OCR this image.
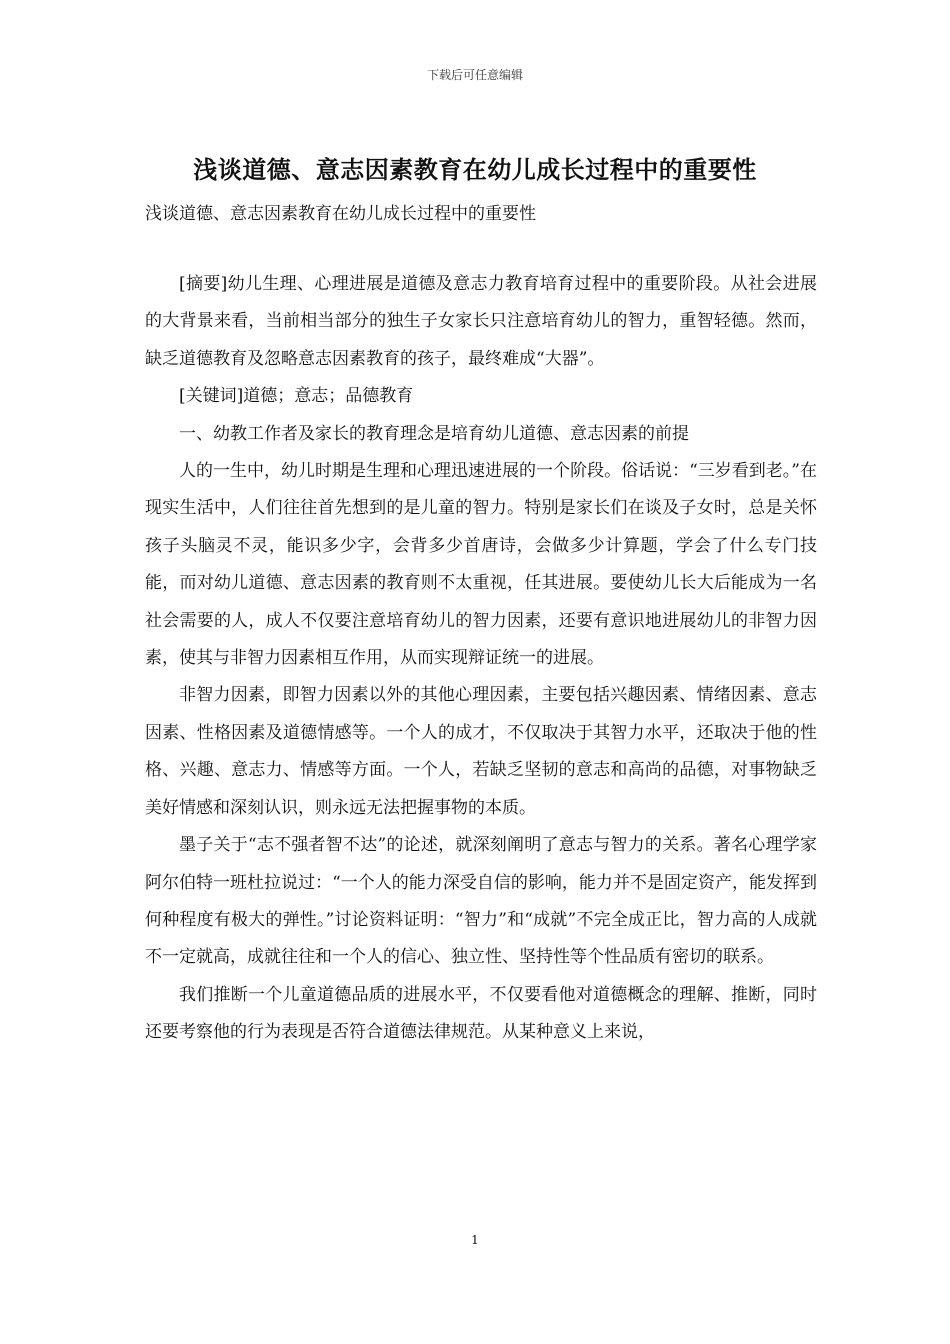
下载后可任意编辑
浅谈道德、意志因素教育在幼儿成长过程中的重要性
浅谈道德、意志因素教育在幼儿成长过程中的重要性

[摘要]幼儿生理、心理进展是道德及意志力教育培育过程中的重要阶段。从社会进展的大背景来看，当前相当部分的独生子女家长只注意培育幼儿的智力，重智轻德。然而，缺乏道德教育及忽略意志因素教育的孩子，最终难成“大器”。

[关键词]道德；意志；品德教育

一、幼教工作者及家长的教育理念是培育幼儿道德、意志因素的前提

人的一生中，幼儿时期是生理和心理迅速进展的一个阶段。俗话说：“三岁看到老。”在现实生活中，人们往往首先想到的是儿童的智力。特别是家长们在谈及子女时，总是关怀孩子头脑灵不灵，能识多少字，会背多少首唐诗，会做多少计算题，学会了什么专门技能，而对幼儿道德、意志因素的教育则不太重视，任其进展。要使幼儿长大后能成为一名社会需要的人，成人不仅要注意培育幼儿的智力因素，还要有意识地进展幼儿的非智力因素，使其与非智力因素相互作用，从而实现辩证统一的进展。

非智力因素，即智力因素以外的其他心理因素，主要包括兴趣因素、情绪因素、意志因素、性格因素及道德情感等。一个人的成才，不仅取决于其智力水平，还取决于他的性格、兴趣、意志力、情感等方面。一个人，若缺乏坚韧的意志和高尚的品德，对事物缺乏美好情感和深刻认识，则永远无法把握事物的本质。

墨子关于“志不强者智不达”的论述，就深刻阐明了意志与智力的关系。著名心理学家阿尔伯特一班杜拉说过：“一个人的能力深受自信的影响，能力并不是固定资产，能发挥到何种程度有极大的弹性。”讨论资料证明：“智力”和“成就”不完全成正比，智力高的人成就不一定就高，成就往往和一个人的信心、独立性、坚持性等个性品质有密切的联系。

我们推断一个儿童道德品质的进展水平，不仅要看他对道德概念的理解、推断，同时还要考察他的行为表现是否符合道德法律规范。从某种意义上来说，

1
